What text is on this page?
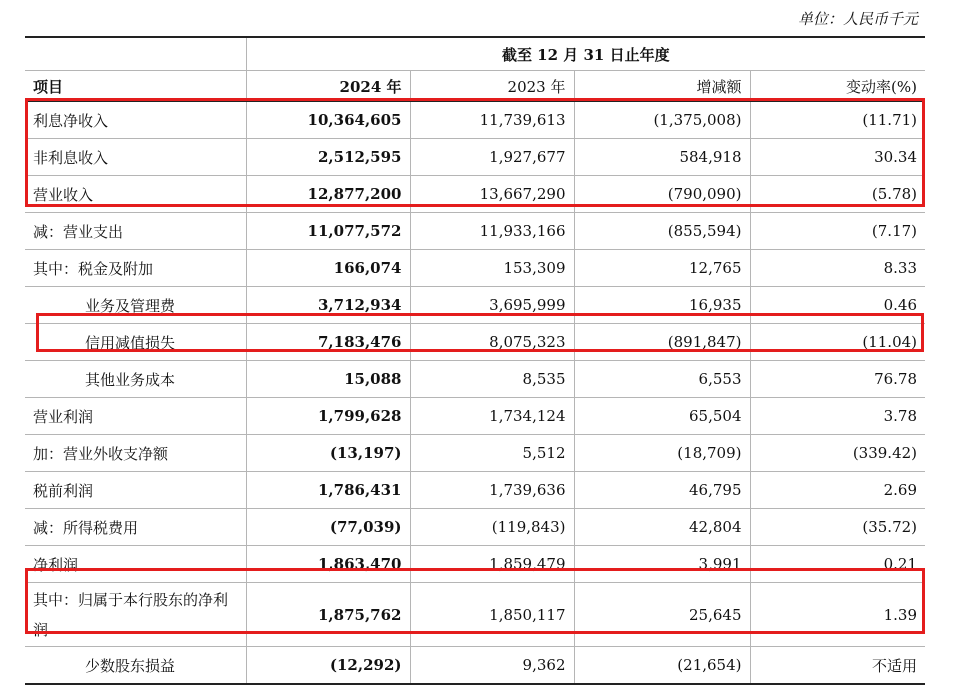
单位：人民币千元
	截至 12 月 31 日止年度			
项目	2024 年	2023 年	增减额	变动率(%)
利息净收入	10,364,605	11,739,613	(1,375,008)	(11.71)
非利息收入	2,512,595	1,927,677	584,918	30.34
营业收入	12,877,200	13,667,290	(790,090)	(5.78)
减：营业支出	11,077,572	11,933,166	(855,594)	(7.17)
其中：税金及附加	166,074	153,309	12,765	8.33
业务及管理费	3,712,934	3,695,999	16,935	0.46
信用减值损失	7,183,476	8,075,323	(891,847)	(11.04)
其他业务成本	15,088	8,535	6,553	76.78
营业利润	1,799,628	1,734,124	65,504	3.78
加：营业外收支净额	(13,197)	5,512	(18,709)	(339.42)
税前利润	1,786,431	1,739,636	46,795	2.69
减：所得税费用	(77,039)	(119,843)	42,804	(35.72)
净利润	1,863,470	1,859,479	3,991	0.21
其中：归属于本行股东的净利润	1,875,762	1,850,117	25,645	1.39
少数股东损益	(12,292)	9,362	(21,654)	不适用
